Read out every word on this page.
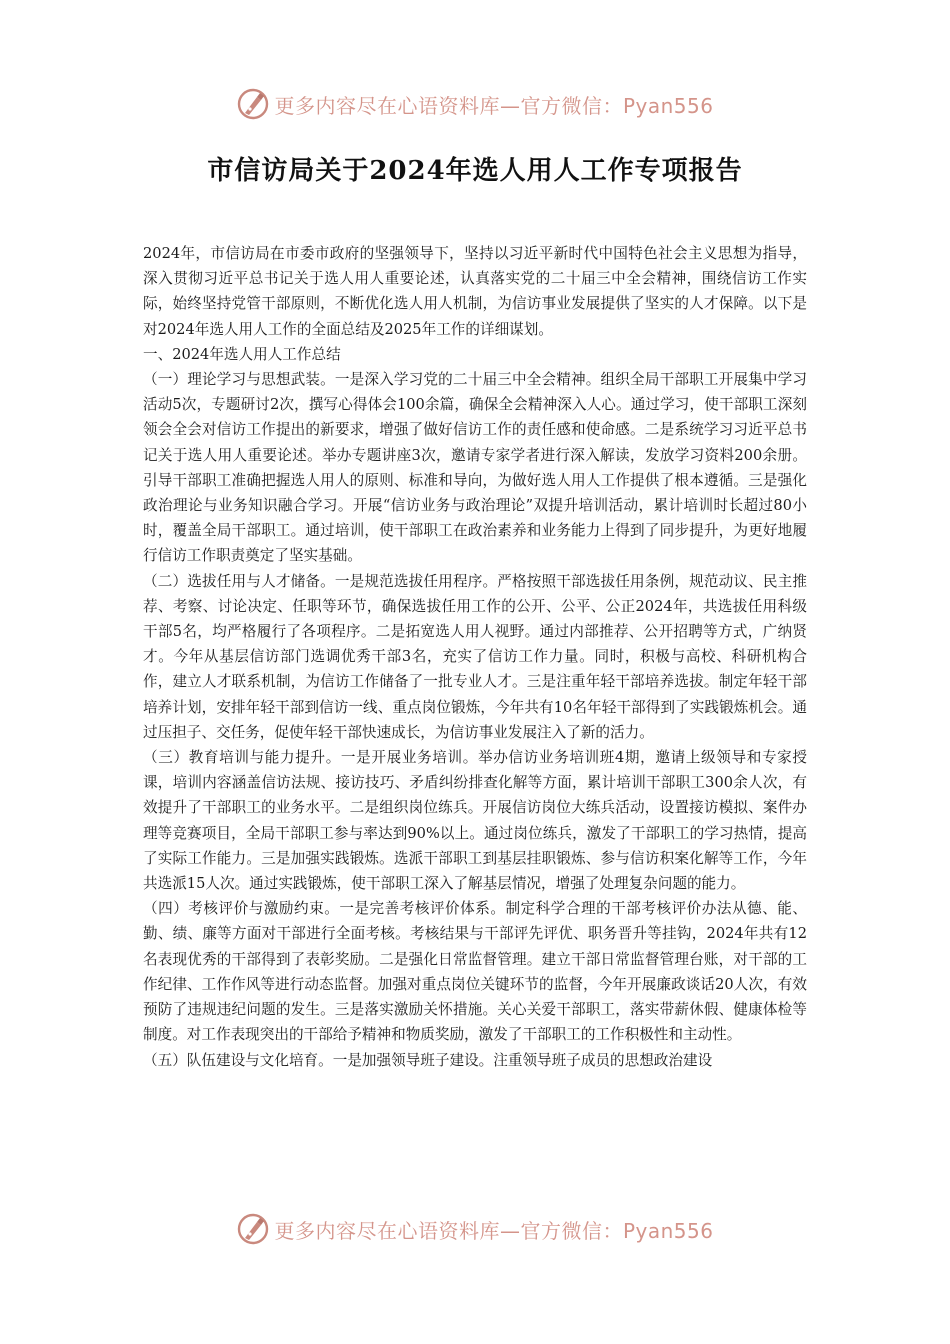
更多内容尽在心语资料库—官方微信：Pyan556
市信访局关于2024年选人用人工作专项报告

2024年，市信访局在市委市政府的坚强领导下，坚持以习近平新时代中国特色社会主义思想为指导，深入贯彻习近平总书记关于选人用人重要论述，认真落实党的二十届三中全会精神，围绕信访工作实际，始终坚持党管干部原则，不断优化选人用人机制，为信访事业发展提供了坚实的人才保障。以下是对2024年选人用人工作的全面总结及2025年工作的详细谋划。

一、2024年选人用人工作总结

（一）理论学习与思想武装。一是深入学习党的二十届三中全会精神。组织全局干部职工开展集中学习活动5次，专题研讨2次，撰写心得体会100余篇，确保全会精神深入人心。通过学习，使干部职工深刻领会全会对信访工作提出的新要求，增强了做好信访工作的责任感和使命感。二是系统学习习近平总书记关于选人用人重要论述。举办专题讲座3次，邀请专家学者进行深入解读，发放学习资料200余册。引导干部职工准确把握选人用人的原则、标准和导向，为做好选人用人工作提供了根本遵循。三是强化政治理论与业务知识融合学习。开展“信访业务与政治理论”双提升培训活动，累计培训时长超过80小时，覆盖全局干部职工。通过培训，使干部职工在政治素养和业务能力上得到了同步提升，为更好地履行信访工作职责奠定了坚实基础。

（二）选拔任用与人才储备。一是规范选拔任用程序。严格按照干部选拔任用条例，规范动议、民主推荐、考察、讨论决定、任职等环节，确保选拔任用工作的公开、公平、公正2024年，共选拔任用科级干部5名，均严格履行了各项程序。二是拓宽选人用人视野。通过内部推荐、公开招聘等方式，广纳贤才。今年从基层信访部门选调优秀干部3名，充实了信访工作力量。同时，积极与高校、科研机构合作，建立人才联系机制，为信访工作储备了一批专业人才。三是注重年轻干部培养选拔。制定年轻干部培养计划，安排年轻干部到信访一线、重点岗位锻炼，今年共有10名年轻干部得到了实践锻炼机会。通过压担子、交任务，促使年轻干部快速成长，为信访事业发展注入了新的活力。

（三）教育培训与能力提升。一是开展业务培训。举办信访业务培训班4期，邀请上级领导和专家授课，培训内容涵盖信访法规、接访技巧、矛盾纠纷排查化解等方面，累计培训干部职工300余人次，有效提升了干部职工的业务水平。二是组织岗位练兵。开展信访岗位大练兵活动，设置接访模拟、案件办理等竞赛项目，全局干部职工参与率达到90%以上。通过岗位练兵，激发了干部职工的学习热情，提高了实际工作能力。三是加强实践锻炼。选派干部职工到基层挂职锻炼、参与信访积案化解等工作，今年共选派15人次。通过实践锻炼，使干部职工深入了解基层情况，增强了处理复杂问题的能力。

（四）考核评价与激励约束。一是完善考核评价体系。制定科学合理的干部考核评价办法从德、能、勤、绩、廉等方面对干部进行全面考核。考核结果与干部评先评优、职务晋升等挂钩，2024年共有12名表现优秀的干部得到了表彰奖励。二是强化日常监督管理。建立干部日常监督管理台账，对干部的工作纪律、工作作风等进行动态监督。加强对重点岗位关键环节的监督，今年开展廉政谈话20人次，有效预防了违规违纪问题的发生。三是落实激励关怀措施。关心关爱干部职工，落实带薪休假、健康体检等制度。对工作表现突出的干部给予精神和物质奖励，激发了干部职工的工作积极性和主动性。

（五）队伍建设与文化培育。一是加强领导班子建设。注重领导班子成员的思想政治建设

更多内容尽在心语资料库—官方微信：Pyan556
